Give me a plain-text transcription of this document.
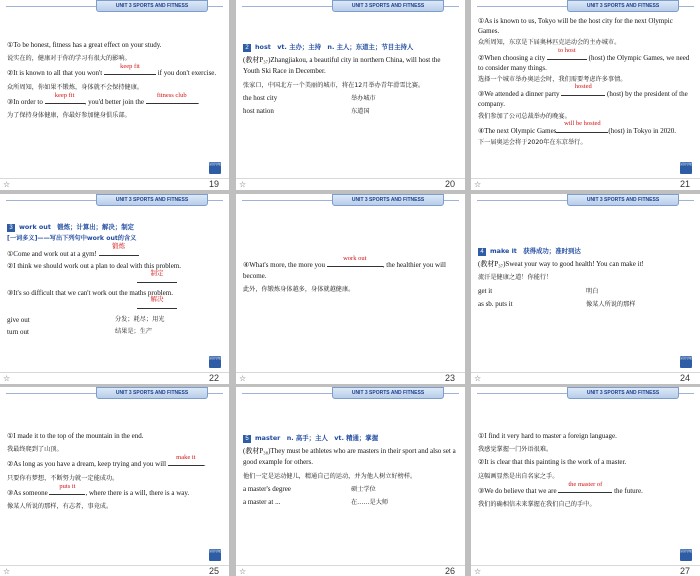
UNIT 3 SPORTS AND FITNESS

①To be honest, fitness has a great effect on your study.

说实在的，健康对于你的学习有很大的影响。

②It is known to all that you won't
keep fit
if you don't exercise.

众所周知，你如果不锻炼，身体就不会保持健康。

③In order to
keep fit
, you'd better join the
fitness club
.

为了保持身体健康，你最好参加健身俱乐部。

返回导航
☆	19
UNIT 3 SPORTS AND FITNESS

2 host　vt. 主办；主持　n. 主人；东道主；节目主持人

(教材P₃₇)Zhangjiakou, a beautiful city in northern China, will host the Youth Ski Race in December.

张家口，中国北方一个美丽的城市，将在12月举办青年滑雪比赛。

the host city	举办城市

host nation	东道国

☆	20
UNIT 3 SPORTS AND FITNESS

①As is known to us, Tokyo will be the host city for the next Olympic Games.

众所周知，东京是下届奥林匹克运动会的主办城市。

②When choosing a city
to host
(host) the Olympic Games, we need to consider many things.

选择一个城市举办奥运会时，我们需要考虑许多事情。

③We attended a dinner party
hosted
(host) by the president of the company.

我们参加了公司总裁举办的晚宴。

④The next Olympic Games
will be hosted
(host) in Tokyo in 2020.

下一届奥运会将于2020年在东京举行。

返回导航
☆	21
UNIT 3 SPORTS AND FITNESS

3 work out　锻炼；计算出；解决；制定

[一词多义]——写出下列句中work out的含义

①Come and work out at a gym!
锻炼

②I think we should work out a plan to deal with this problem.

制定

③It's so difficult that we can't work out the maths problem.

解决

give out	分发；耗尽；用光

turn out	结果是；生产

返回导航
☆	22
UNIT 3 SPORTS AND FITNESS

④What's more, the more you
work out
, the healthier you will become.

此外，你锻炼身体越多，身体就越健康。

☆	23
UNIT 3 SPORTS AND FITNESS

4 make it　获得成功；准时到达

(教材P₃₇)Sweat your way to good health! You can make it!

流汗是健康之道！你能行！

get it	明白

as sb. puts it	像某人所说的那样

返回导航
☆	24
UNIT 3 SPORTS AND FITNESS

①I made it to the top of the mountain in the end.

我最终爬到了山顶。

②As long as you have a dream, keep trying and you will
make it
.

只要你有梦想，不断努力就一定能成功。

③As someone
puts it
, where there is a will, there is a way.

像某人所说的那样，有志者，事竟成。

返回导航
☆	25
UNIT 3 SPORTS AND FITNESS

5 master　n. 高手；主人　vt. 精通；掌握

(教材P₃₈)They must be athletes who are masters in their sport and also set a good example for others.

他们一定是运动健儿，精通自己的运动，并为他人树立好榜样。

a master's degree	硕士学位

a master at ...	在……是大师

☆	26
UNIT 3 SPORTS AND FITNESS

①I find it very hard to master a foreign language.

我感觉掌握一门外语很难。

②It is clear that this painting is the work of a master.

这幅画显然是出自名家之手。

③We do believe that we are
the master of
the future.

我们的确相信未来掌握在我们自己的手中。

返回导航
☆	27
